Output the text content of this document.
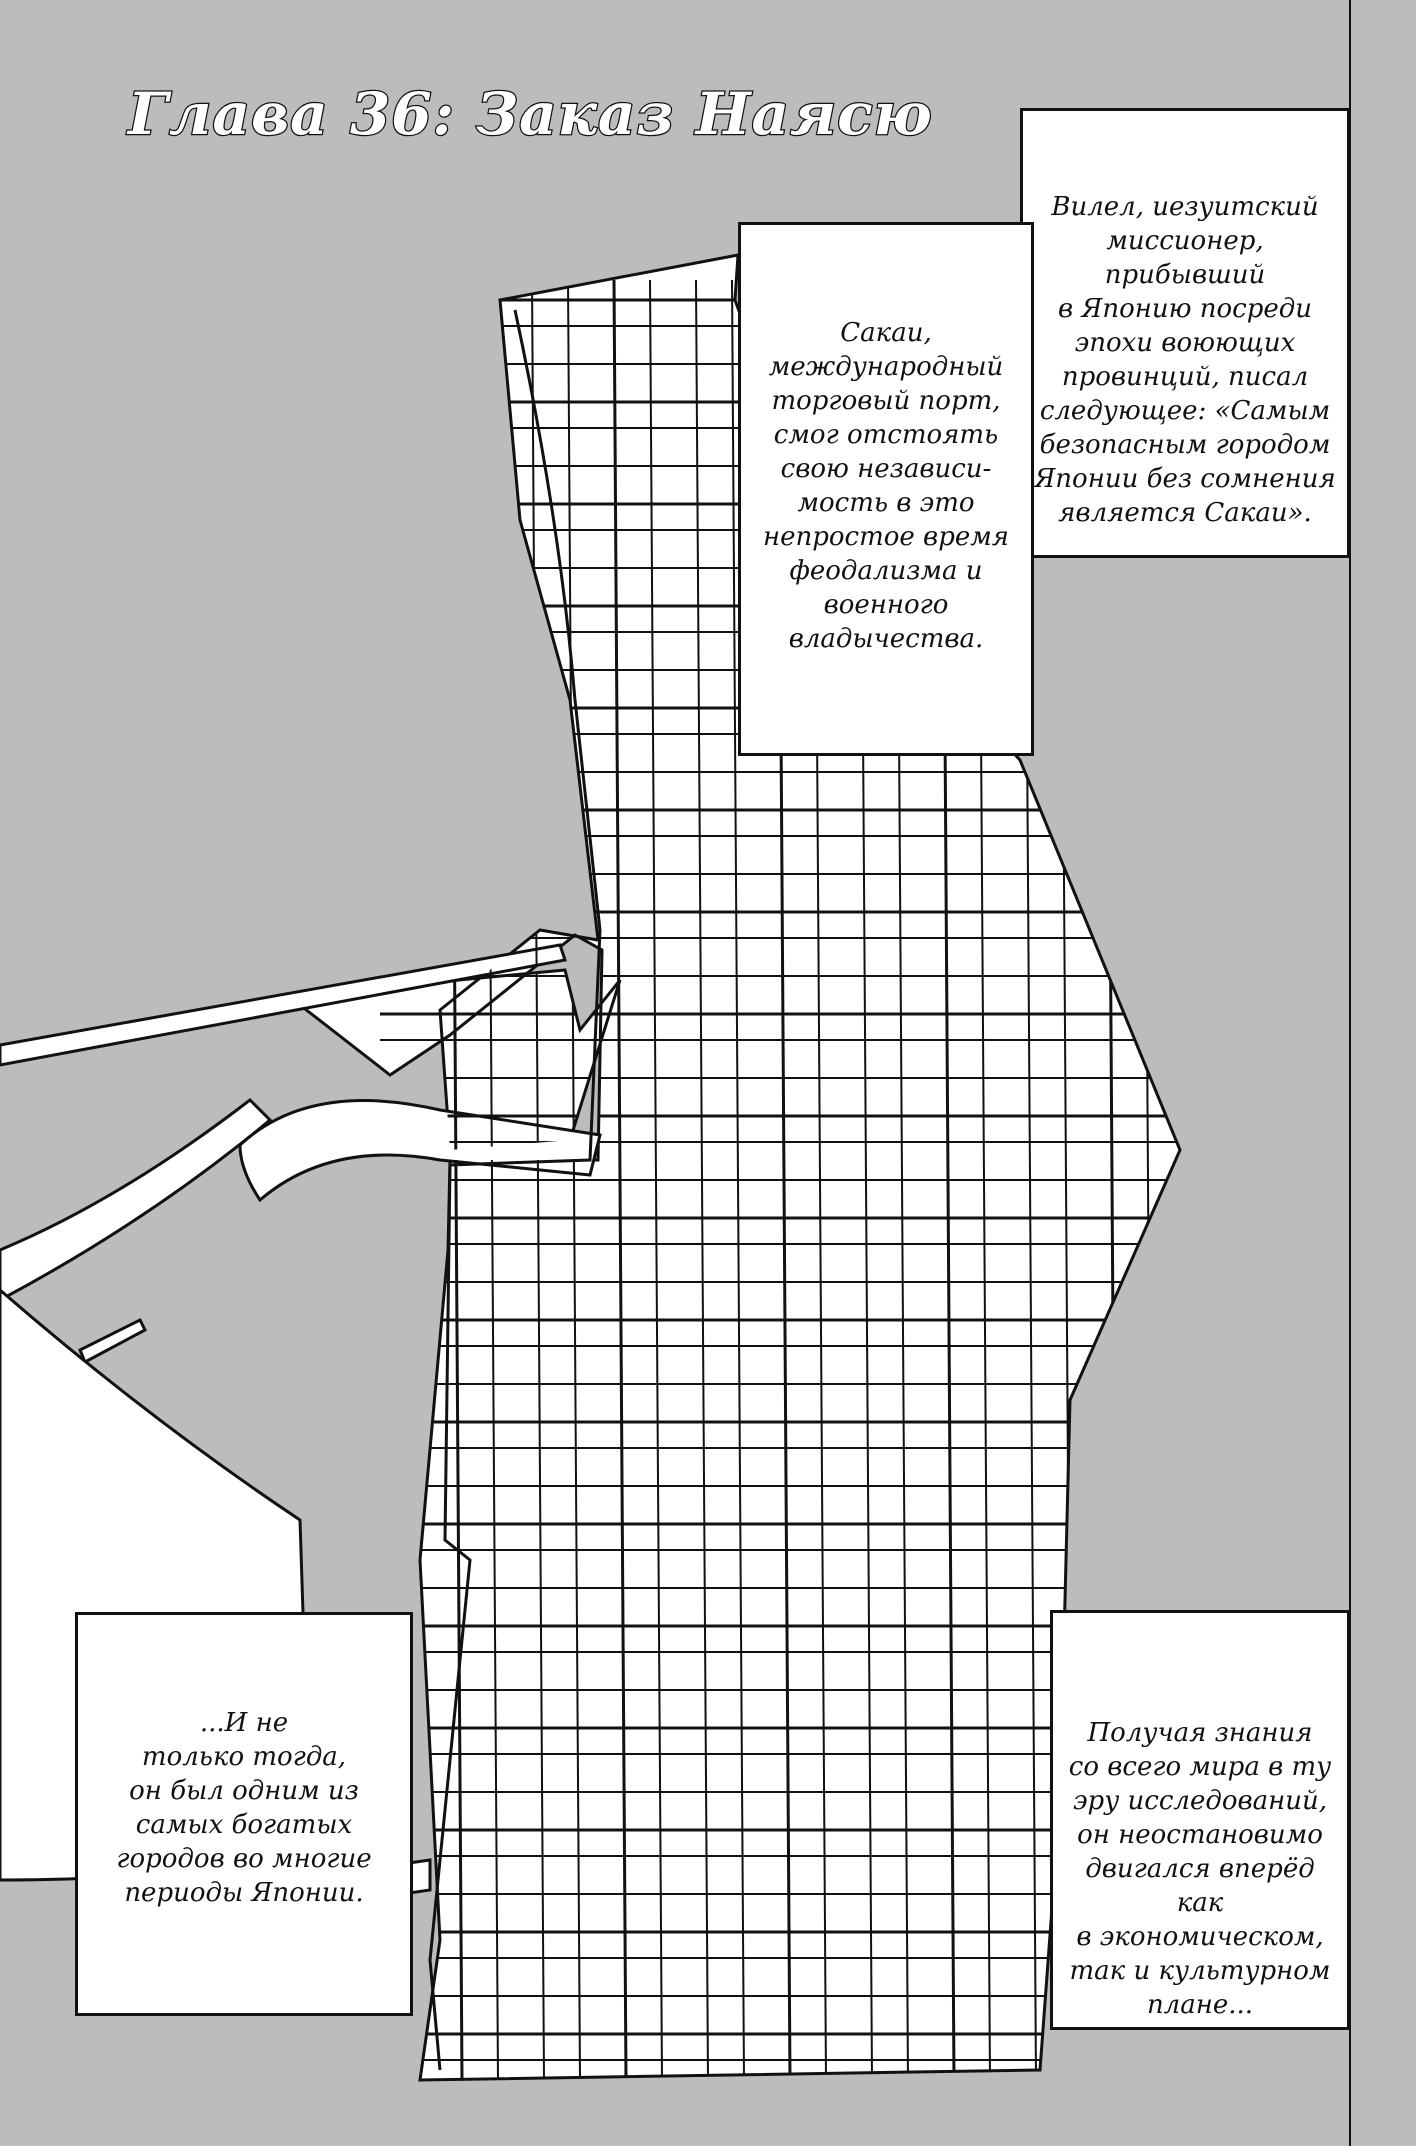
Глава 36: Заказ Наясю
Вилел, иезуитский
миссионер, прибывший
в Японию посреди
эпохи воюющих
провинций, писал
следующее: «Самым
безопасным городом
Японии без сомнения
является Сакаи».
Сакаи,
международный
торговый порт,
смог отстоять
свою независи-
мость в это
непростое время
феодализма и
военного
владычества.
...И не
только тогда,
он был одним из
самых богатых
городов во многие
периоды Японии.
Получая знания
со всего мира в ту
эру исследований,
он неостановимо
двигался вперёд как
в экономическом,
так и культурном
плане...
